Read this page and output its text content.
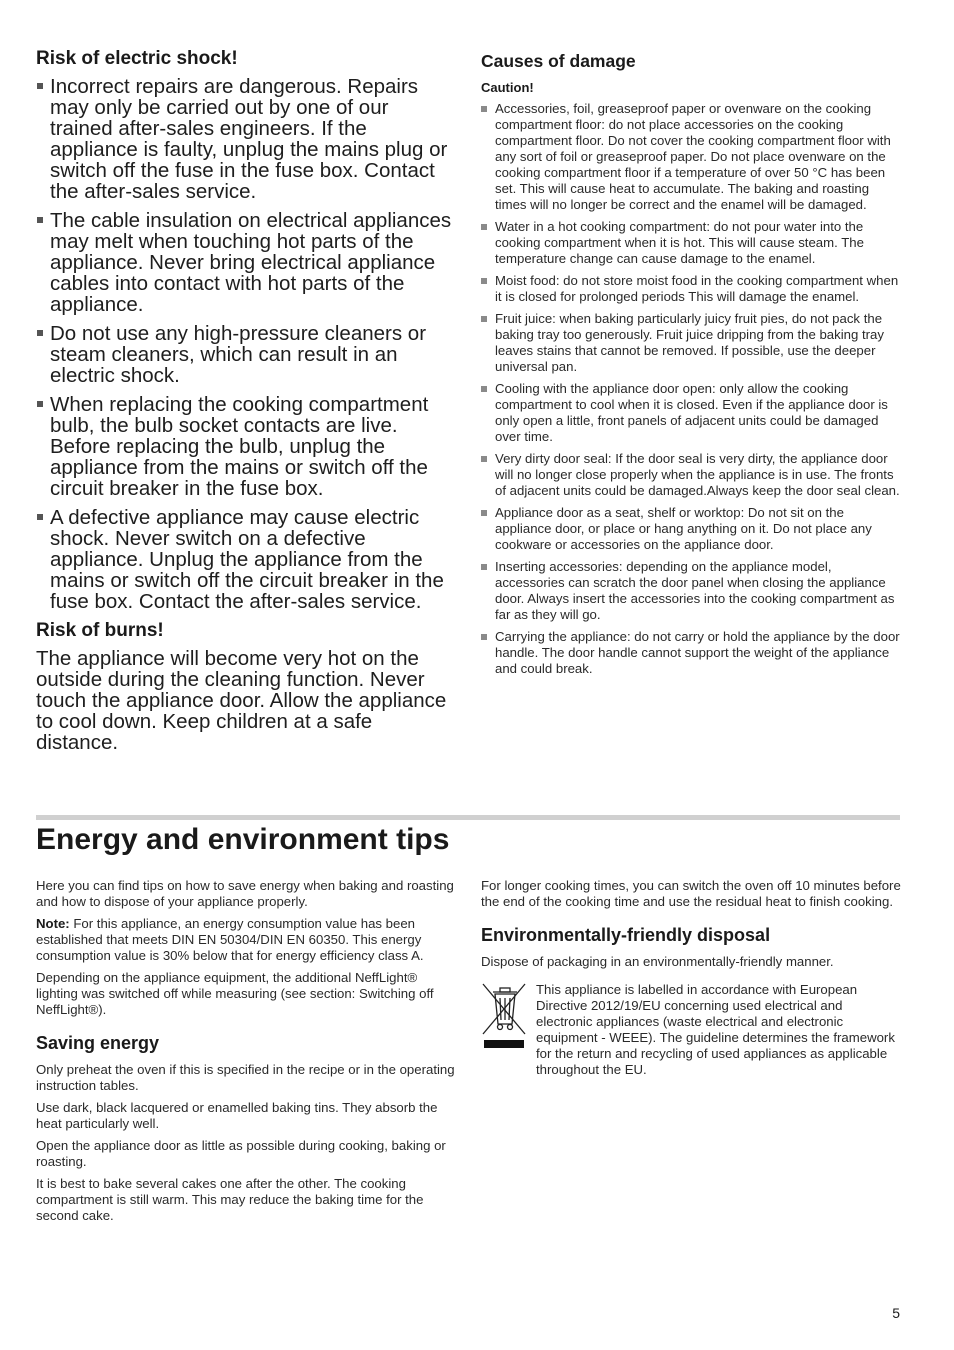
Risk of electric shock!
Incorrect repairs are dangerous. Repairs may only be carried out by one of our trained after-sales engineers. If the appliance is faulty, unplug the mains plug or switch off the fuse in the fuse box. Contact the after-sales service.
The cable insulation on electrical appliances may melt when touching hot parts of the appliance. Never bring electrical appliance cables into contact with hot parts of the appliance.
Do not use any high-pressure cleaners or steam cleaners, which can result in an electric shock.
When replacing the cooking compartment bulb, the bulb socket contacts are live. Before replacing the bulb, unplug the appliance from the mains or switch off the circuit breaker in the fuse box.
A defective appliance may cause electric shock. Never switch on a defective appliance. Unplug the appliance from the mains or switch off the circuit breaker in the fuse box. Contact the after-sales service.
Risk of burns!

The appliance will become very hot on the outside during the cleaning function. Never touch the appliance door. Allow the appliance to cool down. Keep children at a safe distance.

Causes of damage
Caution!
Accessories, foil, greaseproof paper or ovenware on the cooking compartment floor: do not place accessories on the cooking compartment floor. Do not cover the cooking compartment floor with any sort of foil or greaseproof paper. Do not place ovenware on the cooking compartment floor if a temperature of over 50 °C has been set. This will cause heat to accumulate. The baking and roasting times will no longer be correct and the enamel will be damaged.
Water in a hot cooking compartment: do not pour water into the cooking compartment when it is hot. This will cause steam. The temperature change can cause damage to the enamel.
Moist food: do not store moist food in the cooking compartment when it is closed for prolonged periods This will damage the enamel.
Fruit juice: when baking particularly juicy fruit pies, do not pack the baking tray too generously. Fruit juice dripping from the baking tray leaves stains that cannot be removed. If possible, use the deeper universal pan.
Cooling with the appliance door open: only allow the cooking compartment to cool when it is closed. Even if the appliance door is only open a little, front panels of adjacent units could be damaged over time.
Very dirty door seal: If the door seal is very dirty, the appliance door will no longer close properly when the appliance is in use. The fronts of adjacent units could be damaged.Always keep the door seal clean.
Appliance door as a seat, shelf or worktop: Do not sit on the appliance door, or place or hang anything on it. Do not place any cookware or accessories on the appliance door.
Inserting accessories: depending on the appliance model, accessories can scratch the door panel when closing the appliance door. Always insert the accessories into the cooking compartment as far as they will go.
Carrying the appliance: do not carry or hold the appliance by the door handle. The door handle cannot support the weight of the appliance and could break.
Energy and environment tips

Here you can find tips on how to save energy when baking and roasting and how to dispose of your appliance properly.

Note: For this appliance, an energy consumption value has been established that meets DIN EN 50304/DIN EN 60350. This energy consumption value is 30% below that for energy efficiency class A.

Depending on the appliance equipment, the additional NeffLight® lighting was switched off while measuring (see section: Switching off NeffLight®).

Saving energy

Only preheat the oven if this is specified in the recipe or in the operating instruction tables.

Use dark, black lacquered or enamelled baking tins. They absorb the heat particularly well.

Open the appliance door as little as possible during cooking, baking or roasting.

It is best to bake several cakes one after the other. The cooking compartment is still warm. This may reduce the baking time for the second cake.

For longer cooking times, you can switch the oven off 10 minutes before the end of the cooking time and use the residual heat to finish cooking.

Environmentally-friendly disposal

Dispose of packaging in an environmentally-friendly manner.

This appliance is labelled in accordance with European Directive 2012/19/EU concerning used electrical and electronic appliances (waste electrical and electronic equipment - WEEE). The guideline determines the framework for the return and recycling of used appliances as applicable throughout the EU.

5
